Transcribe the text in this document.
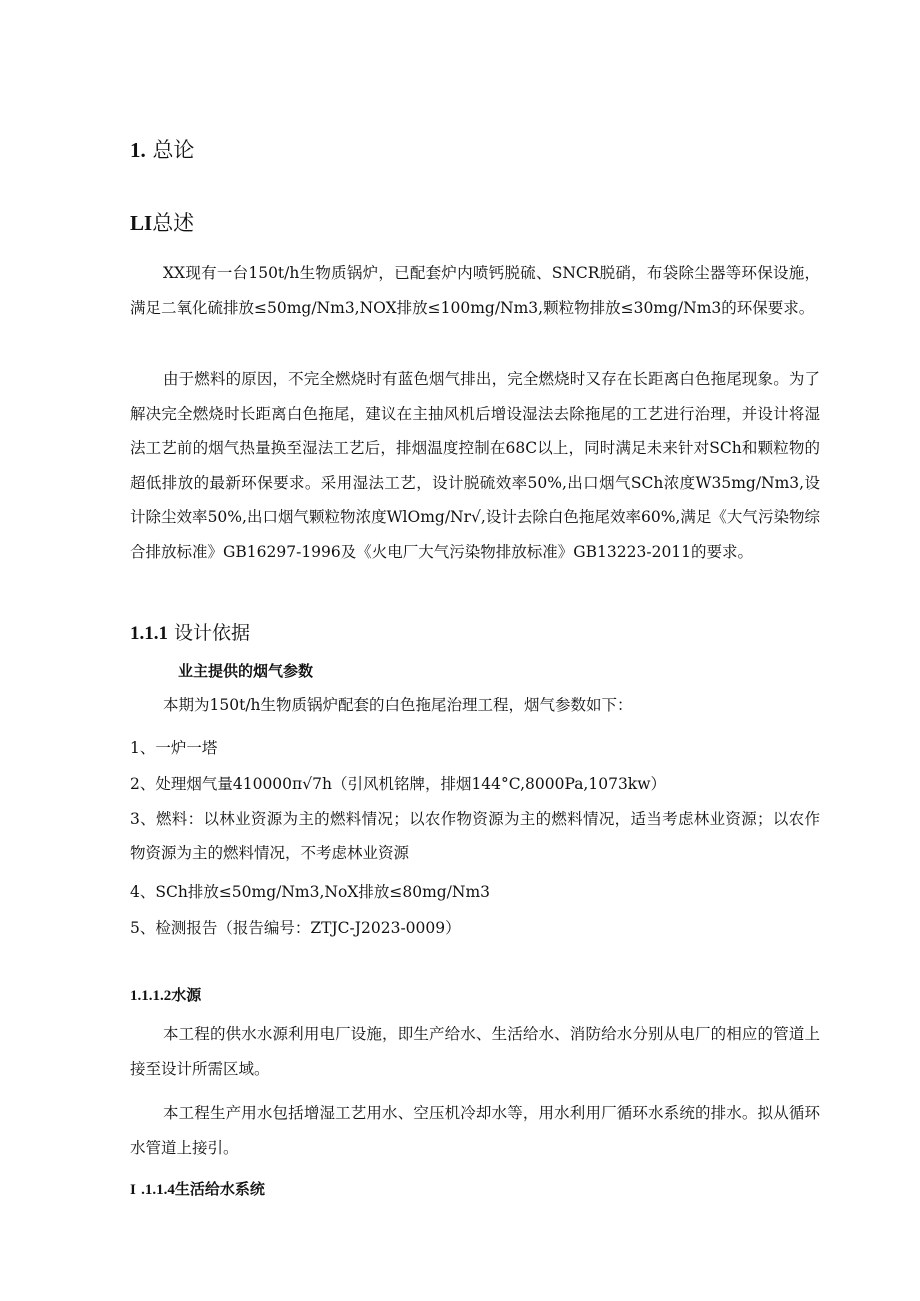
1. 总论
LI总述

XX现有一台150t/h生物质锅炉，已配套炉内喷钙脱硫、SNCR脱硝，布袋除尘器等环保设施，满足二氧化硫排放≤50mg/Nm3,NOX排放≤100mg/Nm3,颗粒物排放≤30mg/Nm3的环保要求。

由于燃料的原因，不完全燃烧时有蓝色烟气排出，完全燃烧时又存在长距离白色拖尾现象。为了解决完全燃烧时长距离白色拖尾，建议在主抽风机后增设湿法去除拖尾的工艺进行治理，并设计将湿法工艺前的烟气热量换至湿法工艺后，排烟温度控制在68C以上，同时满足未来针对SCh和颗粒物的超低排放的最新环保要求。采用湿法工艺，设计脱硫效率50%,出口烟气SCh浓度W35mg/Nm3,设计除尘效率50%,出口烟气颗粒物浓度WlOmg/Nr√,设计去除白色拖尾效率60%,满足《大气污染物综合排放标准》GB16297-1996及《火电厂大气污染物排放标准》GB13223-2011的要求。

1.1.1 设计依据
业主提供的烟气参数
本期为150t/h生物质锅炉配套的白色拖尾治理工程，烟气参数如下：
1、一炉一塔
2、处理烟气量410000π√7h（引风机铭牌，排烟144°C,8000Pa,1073kw）

3、燃料：以林业资源为主的燃料情况；以农作物资源为主的燃料情况，适当考虑林业资源；以农作物资源为主的燃料情况，不考虑林业资源

4、SCh排放≤50mg/Nm3,NoX排放≤80mg/Nm3
5、检测报告（报告编号：ZTJC-J2023-0009）
1.1.1.2水源

本工程的供水水源利用电厂设施，即生产给水、生活给水、消防给水分别从电厂的相应的管道上接至设计所需区域。

本工程生产用水包括增湿工艺用水、空压机冷却水等，用水利用厂循环水系统的排水。拟从循环水管道上接引。

I .1.1.4生活给水系统
